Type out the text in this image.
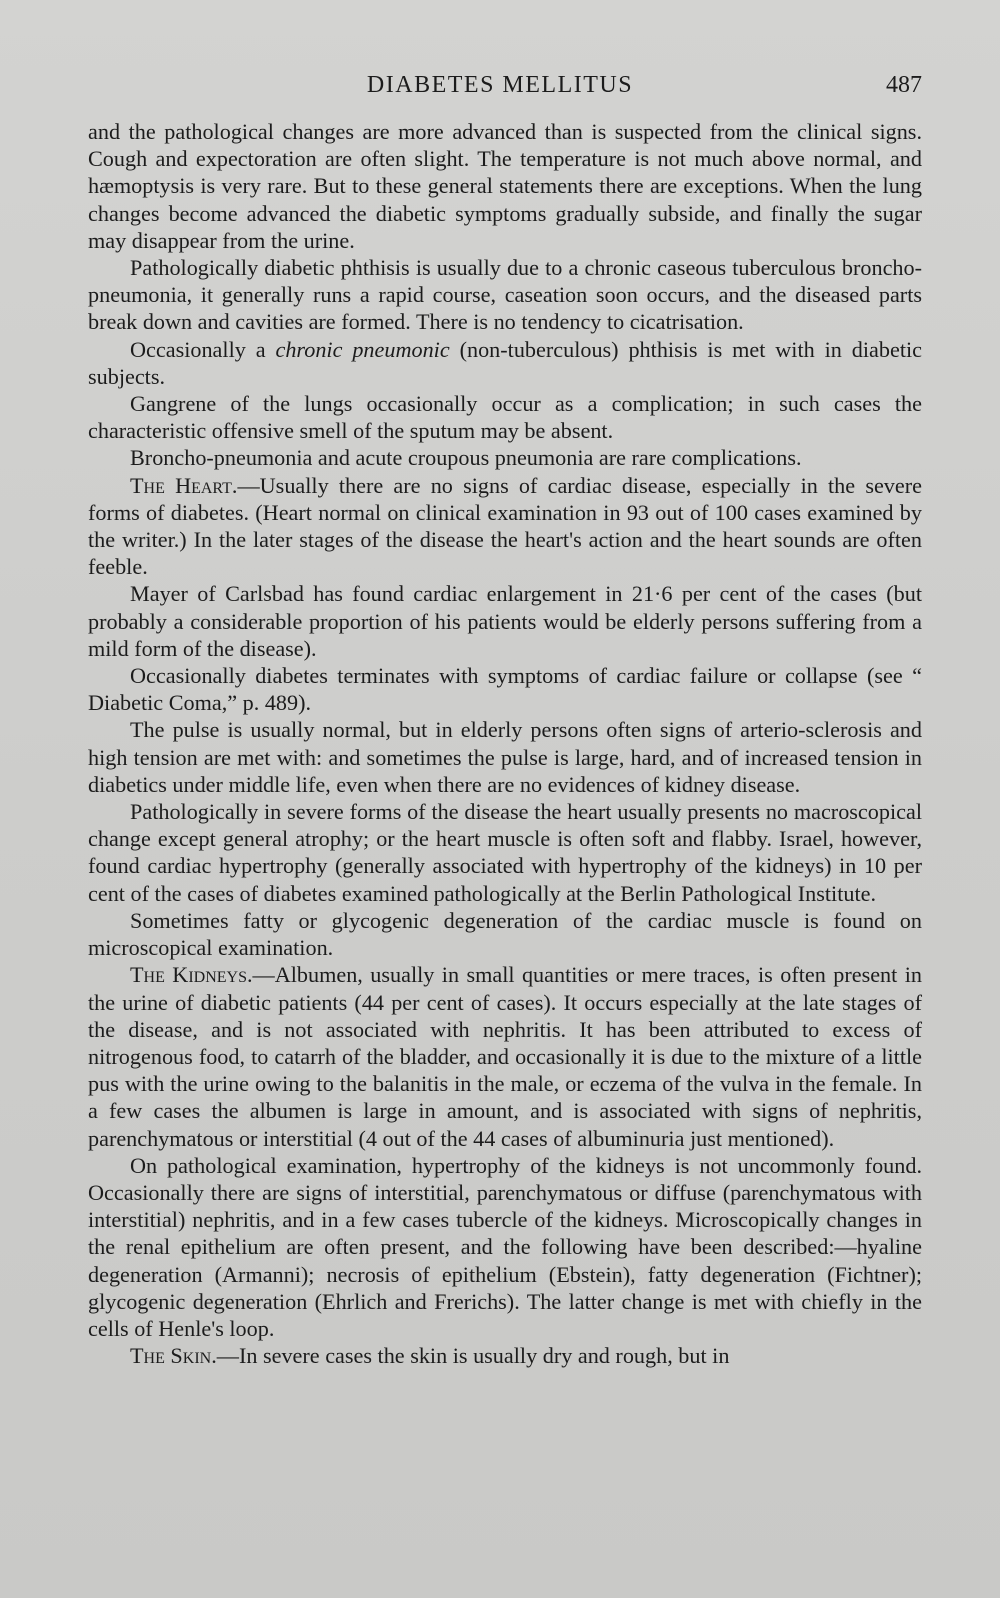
DIABETES MELLITUS	487

and the pathological changes are more advanced than is suspected from the clinical signs. Cough and expectoration are often slight. The temperature is not much above normal, and hæmoptysis is very rare. But to these general statements there are exceptions. When the lung changes become advanced the diabetic symptoms gradually subside, and finally the sugar may disappear from the urine.

Pathologically diabetic phthisis is usually due to a chronic caseous tuberculous broncho-pneumonia, it generally runs a rapid course, caseation soon occurs, and the diseased parts break down and cavities are formed. There is no tendency to cicatrisation.

Occasionally a chronic pneumonic (non-tuberculous) phthisis is met with in diabetic subjects.

Gangrene of the lungs occasionally occur as a complication; in such cases the characteristic offensive smell of the sputum may be absent.

Broncho-pneumonia and acute croupous pneumonia are rare complications.

The Heart.—Usually there are no signs of cardiac disease, especially in the severe forms of diabetes. (Heart normal on clinical examination in 93 out of 100 cases examined by the writer.) In the later stages of the disease the heart's action and the heart sounds are often feeble.

Mayer of Carlsbad has found cardiac enlargement in 21·6 per cent of the cases (but probably a considerable proportion of his patients would be elderly persons suffering from a mild form of the disease).

Occasionally diabetes terminates with symptoms of cardiac failure or collapse (see “ Diabetic Coma,” p. 489).

The pulse is usually normal, but in elderly persons often signs of arterio-sclerosis and high tension are met with: and sometimes the pulse is large, hard, and of increased tension in diabetics under middle life, even when there are no evidences of kidney disease.

Pathologically in severe forms of the disease the heart usually presents no macroscopical change except general atrophy; or the heart muscle is often soft and flabby. Israel, however, found cardiac hypertrophy (generally associated with hypertrophy of the kidneys) in 10 per cent of the cases of diabetes examined pathologically at the Berlin Pathological Institute.

Sometimes fatty or glycogenic degeneration of the cardiac muscle is found on microscopical examination.

The Kidneys.—Albumen, usually in small quantities or mere traces, is often present in the urine of diabetic patients (44 per cent of cases). It occurs especially at the late stages of the disease, and is not associated with nephritis. It has been attributed to excess of nitrogenous food, to catarrh of the bladder, and occasionally it is due to the mixture of a little pus with the urine owing to the balanitis in the male, or eczema of the vulva in the female. In a few cases the albumen is large in amount, and is associated with signs of nephritis, parenchymatous or interstitial (4 out of the 44 cases of albuminuria just mentioned).

On pathological examination, hypertrophy of the kidneys is not uncommonly found. Occasionally there are signs of interstitial, parenchymatous or diffuse (parenchymatous with interstitial) nephritis, and in a few cases tubercle of the kidneys. Microscopically changes in the renal epithelium are often present, and the following have been described:—hyaline degeneration (Armanni); necrosis of epithelium (Ebstein), fatty degeneration (Fichtner); glycogenic degeneration (Ehrlich and Frerichs). The latter change is met with chiefly in the cells of Henle's loop.

The Skin.—In severe cases the skin is usually dry and rough, but in
